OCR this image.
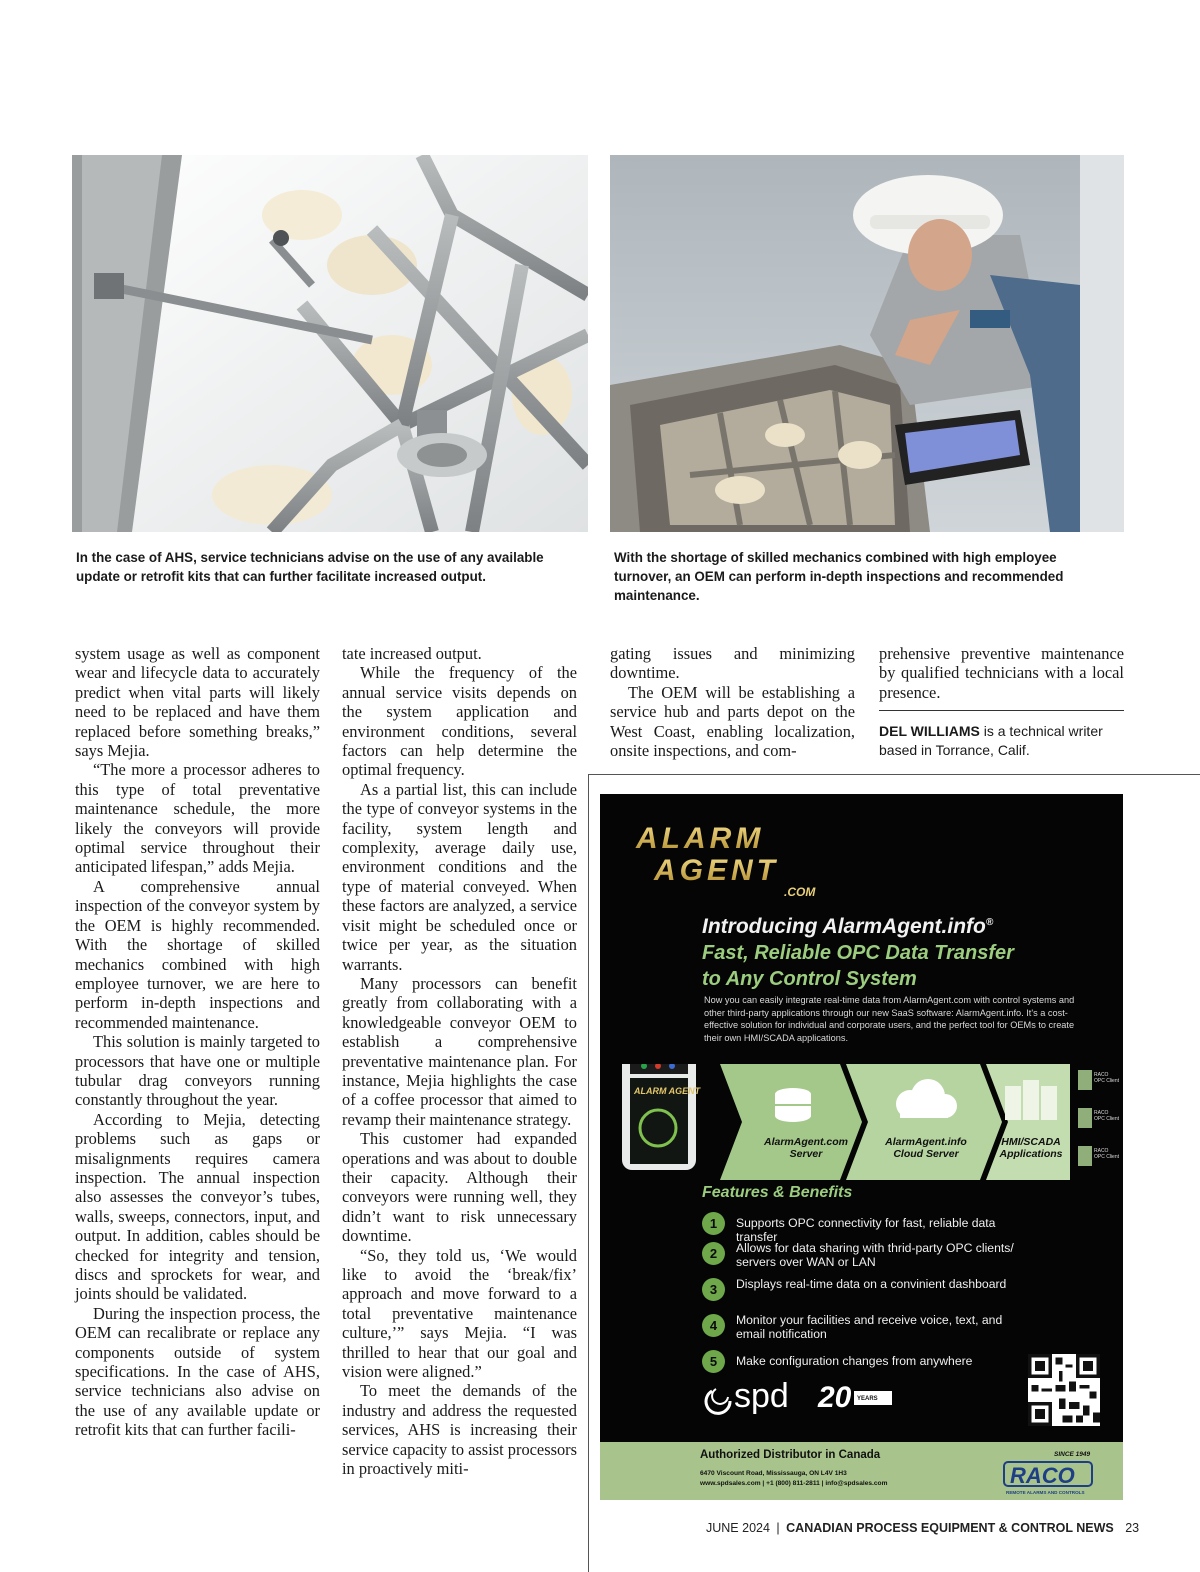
In the case of AHS, service technicians advise on the use of any available update or retrofit kits that can further facilitate increased output.
With the shortage of skilled mechanics combined with high employee turnover, an OEM can perform in-depth inspections and recommended maintenance.

system usage as well as component wear and lifecycle data to accurately predict when vital parts will likely need to be replaced and have them replaced before something breaks,” says Mejia.

“The more a processor adheres to this type of total preventative maintenance schedule, the more likely the conveyors will provide optimal service throughout their anticipated lifespan,” adds Mejia.

A comprehensive annual inspection of the conveyor system by the OEM is highly recommended. With the shortage of skilled mechanics combined with high employee turnover, we are here to perform in-depth inspections and recommended maintenance.

This solution is mainly targeted to processors that have one or multiple tubular drag conveyors running constantly throughout the year.

According to Mejia, detecting problems such as gaps or misalignments requires camera inspection. The annual inspection also assesses the conveyor’s tubes, walls, sweeps, connectors, input, and output. In addition, cables should be checked for integrity and tension, discs and sprockets for wear, and joints should be validated.

During the inspection process, the OEM can recalibrate or replace any components outside of system specifications. In the case of AHS, service technicians also advise on the use of any available update or retrofit kits that can further facili-

tate increased output.

While the frequency of the annual service visits depends on the system application and environment conditions, several factors can help determine the optimal frequency.

As a partial list, this can include the type of conveyor systems in the facility, system length and complexity, average daily use, environment conditions and the type of material conveyed. When these factors are analyzed, a service visit might be scheduled once or twice per year, as the situation warrants.

Many processors can benefit greatly from collaborating with a knowledgeable conveyor OEM to establish a comprehensive preventative maintenance plan. For instance, Mejia highlights the case of a coffee processor that aimed to revamp their maintenance strategy.

This customer had expanded operations and was about to double their capacity. Although their conveyors were running well, they didn’t want to risk unnecessary downtime.

“So, they told us, ‘We would like to avoid the ‘break/fix’ approach and move forward to a total preventative maintenance culture,’” says Mejia. “I was thrilled to hear that our goal and vision were aligned.”

To meet the demands of the industry and address the requested services, AHS is increasing their service capacity to assist processors in proactively miti-

gating issues and minimizing downtime.

The OEM will be establishing a service hub and parts depot on the West Coast, enabling localization, onsite inspections, and com-

prehensive preventive maintenance by qualified technicians with a local presence.

DEL WILLIAMS is a technical writer based in Torrance, Calif.
ALARM
AGENT
.COM
Introducing AlarmAgent.info®
Fast, Reliable OPC Data Transfer
to Any Control System
Now you can easily integrate real-time data from AlarmAgent.com with control systems and other third-party applications through our new SaaS software: AlarmAgent.info. It's a cost-effective solution for individual and corporate users, and the perfect tool for OEMs to create their own HMI/SCADA applications.
RACO
OPC Client
RACO
OPC Client
RACO
OPC Client
ALARM AGENT
AlarmAgent.com
Server
AlarmAgent.info
Cloud Server
HMI/SCADA
Applications
Features & Benefits
1	Supports OPC connectivity for fast, reliable data transfer
2	Allows for data sharing with thrid-party OPC clients/ servers over WAN or LAN
3	Displays real-time data on a convinient dashboard
4	Monitor your facilities and receive voice, text, and email notification
5	Make configuration changes from anywhere
spd 20 YEARS
Authorized Distributor in Canada
6470 Viscount Road, Mississauga, ON L4V 1H3
www.spdsales.com | +1 (800) 811-2811 | info@spdsales.com
SINCE 1949
RACO
REMOTE ALARMS AND CONTROLS
JUNE 2024 | CANADIAN PROCESS EQUIPMENT & CONTROL NEWS 23
